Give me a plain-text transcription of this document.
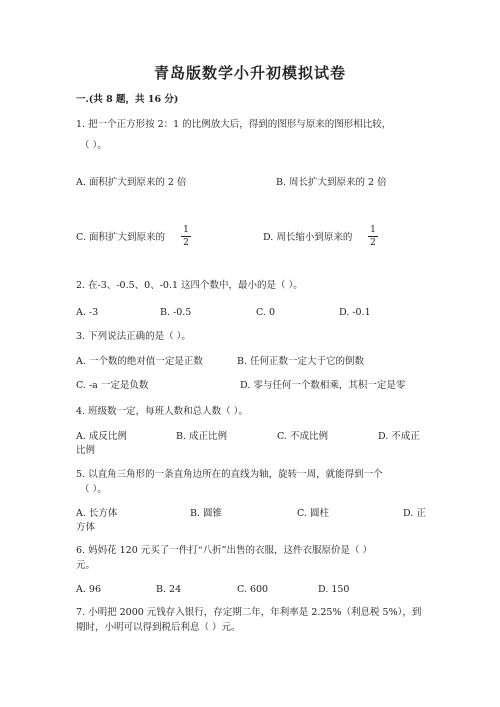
青岛版数学小升初模拟试卷
一.(共 8 题，共 16 分)
1. 把一个正方形按 2：1 的比例放大后，得到的图形与原来的图形相比较，
（ ）。
A. 面积扩大到原来的 2 倍	B. 周长扩大到原来的 2 倍
C. 面积扩大到原来的
1
2	D. 周长缩小到原来的
1
2
2. 在-3、-0.5、0、-0.1 这四个数中，最小的是（ ）。
A. -3	B. -0.5	C. 0	D. -0.1
3. 下列说法正确的是（ ）。
A. 一个数的绝对值一定是正数	B. 任何正数一定大于它的倒数
C. -a 一定是负数	D. 零与任何一个数相乘，其积一定是零
4. 班级数一定，每班人数和总人数（ ）。
A. 成反比例	B. 成正比例	C. 不成比例	D. 不成正
比例
5. 以直角三角形的一条直角边所在的直线为轴，旋转一周，就能得到一个
（ ）。
A. 长方体	B. 圆锥	C. 圆柱	D. 正
方体
6. 妈妈花 120 元买了一件打“八折”出售的衣服，这件衣服原价是（ ）
元。
A. 96	B. 24	C. 600	D. 150
7. 小明把 2000 元钱存入银行，存定期二年，年利率是 2.25%（利息税 5%），到
期时，小明可以得到税后利息（ ）元。
